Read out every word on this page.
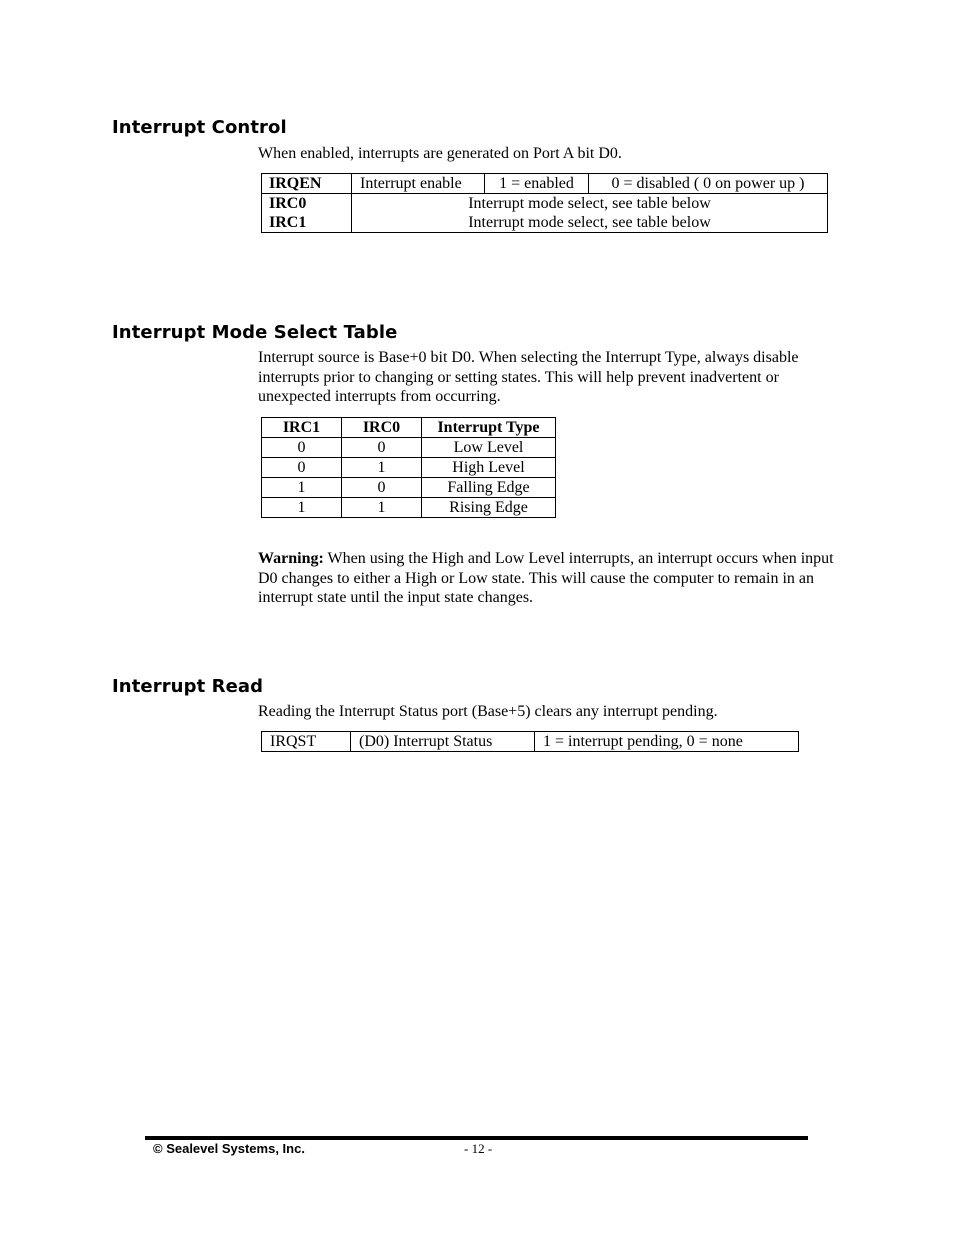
Interrupt Control

When enabled, interrupts are generated on Port A bit D0.

IRQEN	Interrupt enable	1 = enabled	0 = disabled ( 0 on power up )
IRC0	Interrupt mode select, see table below		
IRC1	Interrupt mode select, see table below		
Interrupt Mode Select Table

Interrupt source is Base+0 bit D0. When selecting the Interrupt Type, always disable interrupts prior to changing or setting states. This will help prevent inadvertent or unexpected interrupts from occurring.

IRC1	IRC0	Interrupt Type
0	0	Low Level
0	1	High Level
1	0	Falling Edge
1	1	Rising Edge

Warning: When using the High and Low Level interrupts, an interrupt occurs when input D0 changes to either a High or Low state. This will cause the computer to remain in an interrupt state until the input state changes.

Interrupt Read

Reading the Interrupt Status port (Base+5) clears any interrupt pending.

IRQST	(D0) Interrupt Status	1 = interrupt pending, 0 = none
© Sealevel Systems, Inc.	- 12 -
